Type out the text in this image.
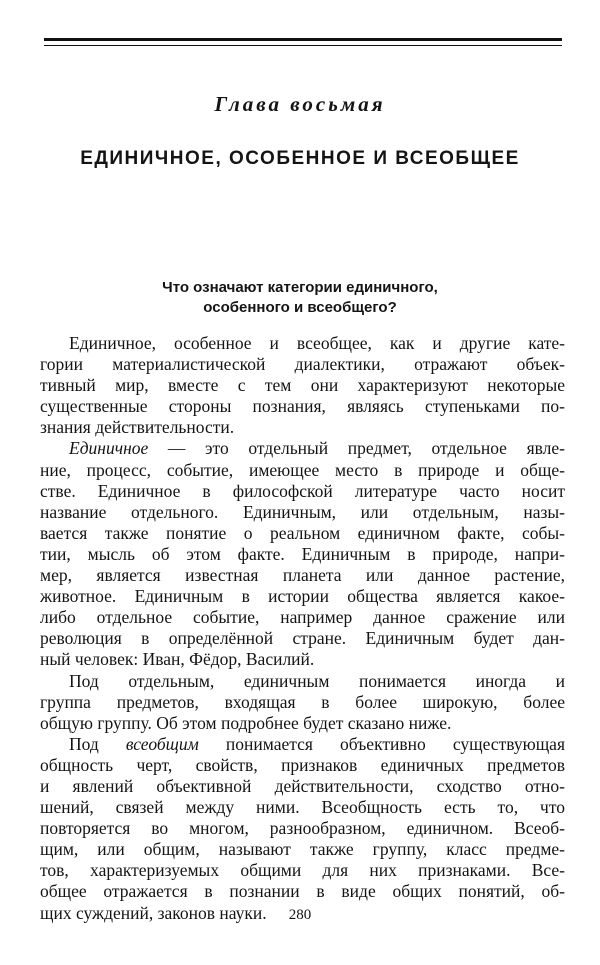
Глава восьмая
ЕДИНИЧНОЕ, ОСОБЕННОЕ И ВСЕОБЩЕЕ
Что означают категории единичного,
особенного и всеобщего?
Единичное, особенное и всеобщее, как и другие кате-
гории материалистической диалектики, отражают объек-
тивный мир, вместе с тем они характеризуют некоторые
существенные стороны познания, являясь ступеньками по-
знания действительности.
Единичное — это отдельный предмет, отдельное явле-
ние, процесс, событие, имеющее место в природе и обще-
стве. Единичное в философской литературе часто носит
название отдельного. Единичным, или отдельным, назы-
вается также понятие о реальном единичном факте, собы-
тии, мысль об этом факте. Единичным в природе, напри-
мер, является известная планета или данное растение,
животное. Единичным в истории общества является какое-
либо отдельное событие, например данное сражение или
революция в определённой стране. Единичным будет дан-
ный человек: Иван, Фёдор, Василий.
Под отдельным, единичным понимается иногда и
группа предметов, входящая в более широкую, более
общую группу. Об этом подробнее будет сказано ниже.
Под всеобщим понимается объективно существующая
общность черт, свойств, признаков единичных предметов
и явлений объективной действительности, сходство отно-
шений, связей между ними. Всеобщность есть то, что
повторяется во многом, разнообразном, единичном. Всеоб-
щим, или общим, называют также группу, класс предме-
тов, характеризуемых общими для них признаками. Все-
общее отражается в познании в виде общих понятий, об-
щих суждений, законов науки.	280
